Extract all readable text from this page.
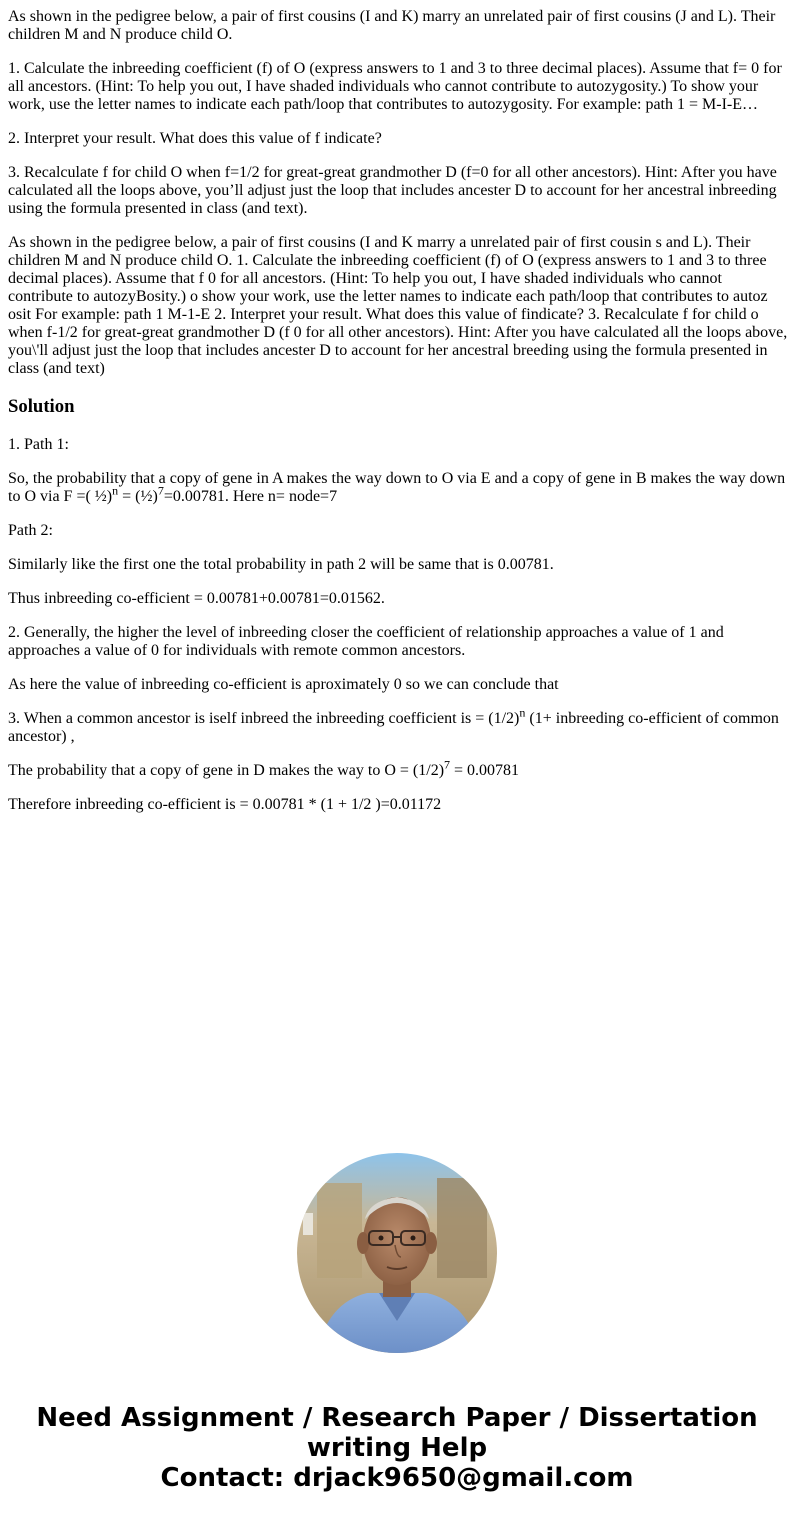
As shown in the pedigree below, a pair of first cousins (I and K) marry an unrelated pair of first cousins (J and L). Their children M and N produce child O.

1. Calculate the inbreeding coefficient (f) of O (express answers to 1 and 3 to three decimal places). Assume that f= 0 for all ancestors. (Hint: To help you out, I have shaded individuals who cannot contribute to autozygosity.) To show your work, use the letter names to indicate each path/loop that contributes to autozygosity. For example: path 1 = M-I-E…

2. Interpret your result. What does this value of f indicate?

3. Recalculate f for child O when f=1/2 for great-great grandmother D (f=0 for all other ancestors). Hint: After you have calculated all the loops above, you’ll adjust just the loop that includes ancester D to account for her ancestral inbreeding using the formula presented in class (and text).

As shown in the pedigree below, a pair of first cousins (I and K marry a unrelated pair of first cousin s and L). Their children M and N produce child O. 1. Calculate the inbreeding coefficient (f) of O (express answers to 1 and 3 to three decimal places). Assume that f 0 for all ancestors. (Hint: To help you out, I have shaded individuals who cannot contribute to autozyBosity.) o show your work, use the letter names to indicate each path/loop that contributes to autoz osit For example: path 1 M-1-E 2. Interpret your result. What does this value of findicate? 3. Recalculate f for child o when f-1/2 for great-great grandmother D (f 0 for all other ancestors). Hint: After you have calculated all the loops above, you\'ll adjust just the loop that includes ancester D to account for her ancestral breeding using the formula presented in class (and text)

Solution

1. Path 1:

So, the probability that a copy of gene in A makes the way down to O via E and a copy of gene in B makes the way down to O via F =( ½)$^n$ = (½)$^7$=0.00781. Here n= node=7

Path 2:

Similarly like the first one the total probability in path 2 will be same that is 0.00781.

Thus inbreeding co-efficient = 0.00781+0.00781=0.01562.

2. Generally, the higher the level of inbreeding closer the coefficient of relationship approaches a value of 1 and approaches a value of 0 for individuals with remote common ancestors.

As here the value of inbreeding co-efficient is aproximately 0 so we can conclude that

3. When a common ancestor is iself inbreed the inbreeding coefficient is = $(1/2)^n$ (1+ inbreeding co-efficient of common ancestor) ,

The probability that a copy of gene in D makes the way to $O = (1/2)^7 = 0.00781$

Therefore inbreeding co-efficient is = 0.00781 * (1 + 1/2 )=0.01172

Need Assignment / Research Paper / Dissertation
writing Help
Contact: drjack9650@gmail.com
